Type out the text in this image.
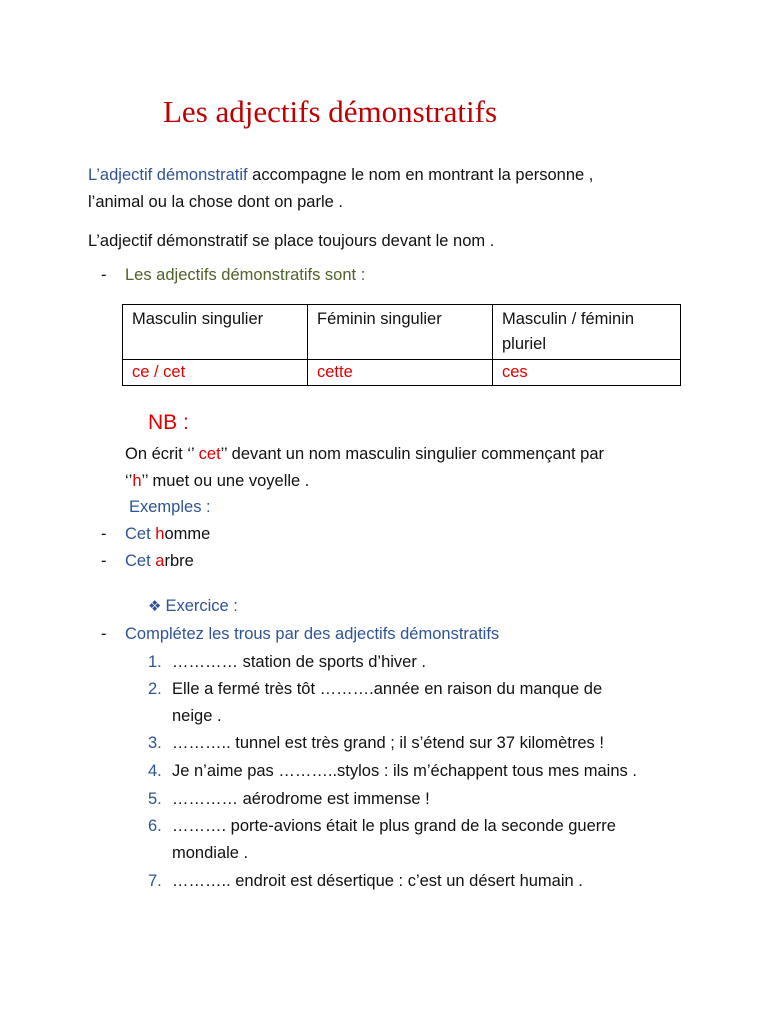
Les adjectifs démonstratifs

L’adjectif démonstratif accompagne le nom en montrant la personne ,

l’animal ou la chose dont on parle .

L’adjectif démonstratif se place toujours devant le nom .

- Les adjectifs démonstratifs sont :
Masculin singulier	Féminin singulier	Masculin / féminin pluriel
ce / cet	cette	ces
NB :

On écrit ‘’ cet’’ devant un nom masculin singulier commençant par

‘’h’’ muet ou une voyelle .

Exemples :
- Cet homme
- Cet arbre
❖ Exercice :
- Complétez les trous par des adjectifs démonstratifs
1. ………… station de sports d’hiver .
2. Elle a fermé très tôt ……….année en raison du manque de
neige .
3. ……….. tunnel est très grand ; il s’étend sur 37 kilomètres !
4. Je n’aime pas ………..stylos : ils m’échappent tous mes mains .
5. ………… aérodrome est immense !
6. ………. porte-avions était le plus grand de la seconde guerre
mondiale .
7. ……….. endroit est désertique : c’est un désert humain .
